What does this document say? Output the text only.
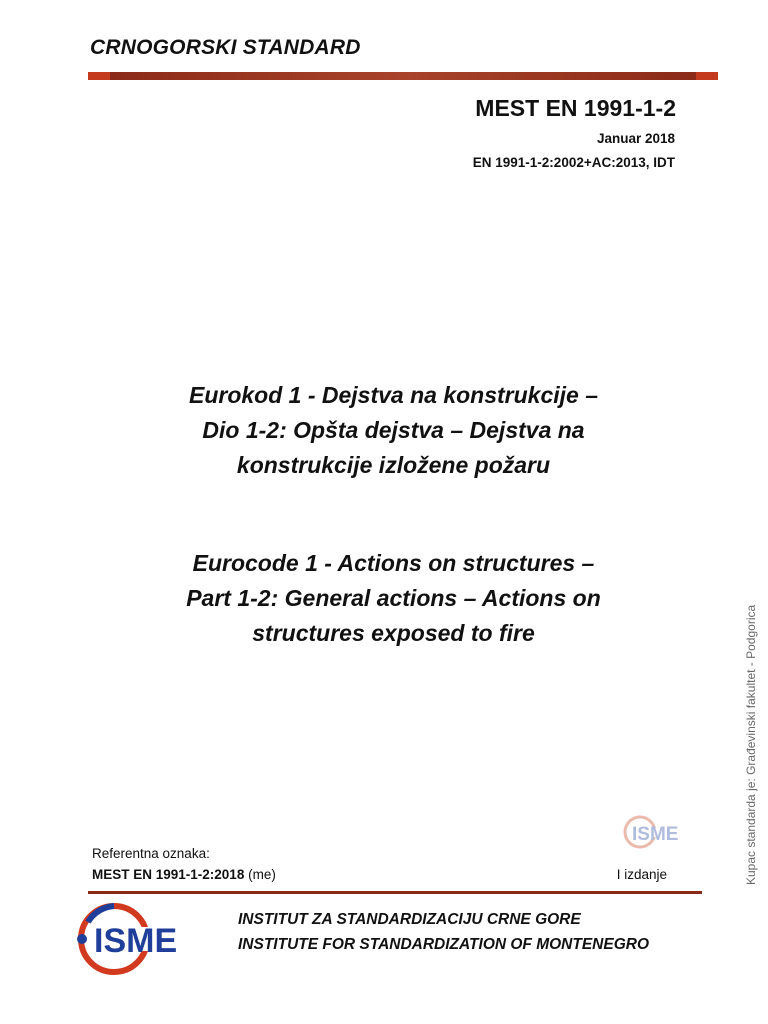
CRNOGORSKI STANDARD
MEST EN 1991-1-2
Januar 2018
EN 1991-1-2:2002+AC:2013, IDT
Eurokod 1 - Dejstva na konstrukcije –
Dio 1-2: Opšta dejstva – Dejstva na
konstrukcije izložene požaru
Eurocode 1 - Actions on structures –
Part 1-2: General actions – Actions on
structures exposed to fire
ISME
Referentna oznaka:
MEST EN 1991-1-2:2018 (me)	I izdanje
ISME
INSTITUT ZA STANDARDIZACIJU CRNE GORE
INSTITUTE FOR STANDARDIZATION OF MONTENEGRO
Kupac standarda je: Građevinski fakultet - Podgorica
